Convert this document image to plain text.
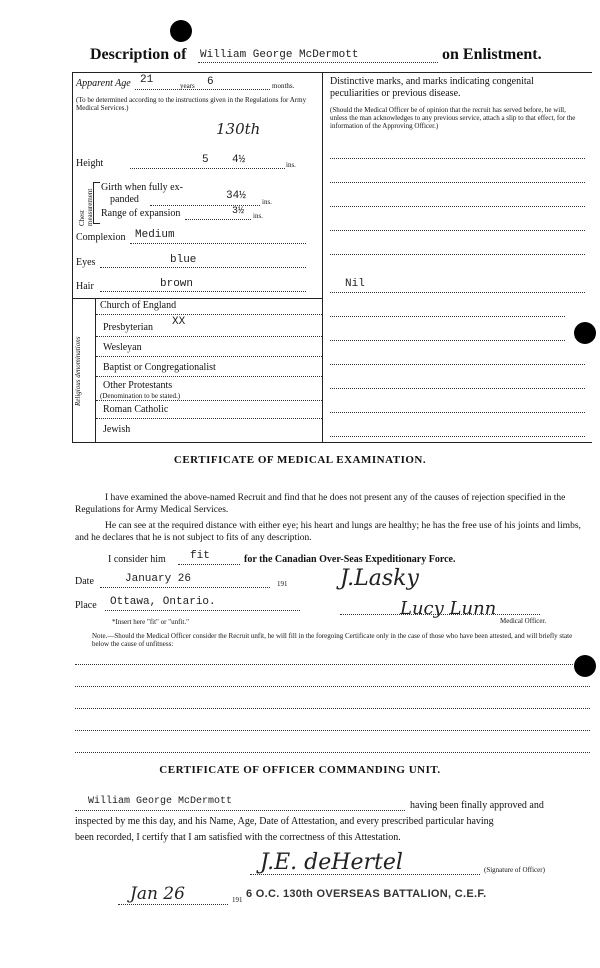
Description of William George McDermott	on Enlistment.
Apparent Age 21	years 6	months.
(To be determined according to the instructions given in the Regulations for Army Medical Services.)
130th
Height	5 4½	ins.
Chest measurement
Girth when fully ex-
panded	34½ ins.
Range of expansion	3½ ins.
Complexion Medium
Eyes	blue
Hair	brown
Religious denominations
Church of England
Presbyterian XX
Wesleyan
Baptist or Congregationalist
Other Protestants
(Denomination to be stated.)
Roman Catholic
Jewish
Distinctive marks, and marks indicating congenital peculiarities or previous disease.
(Should the Medical Officer be of opinion that the recruit has served before, he will, unless the man acknowledges to any previous service, attach a slip to that effect, for the information of the Approving Officer.)
Nil
CERTIFICATE OF MEDICAL EXAMINATION.
I have examined the above-named Recruit and find that he does not present any of the causes of rejection specified in the Regulations for Army Medical Services.
He can see at the required distance with either eye; his heart and lungs are healthy; he has the free use of his joints and limbs, and he declares that he is not subject to fits of any description.
I consider him fit	for the Canadian Over-Seas Expeditionary Force.
Date	January 26	191
Place Ottawa, Ontario.
*Insert here "fit" or "unfit."
J.Lasky
Lucy Lunn
Medical Officer.
Note.—Should the Medical Officer consider the Recruit unfit, he will fill in the foregoing Certificate only in the case of those who have been attested, and will briefly state below the cause of unfitness:
CERTIFICATE OF OFFICER COMMANDING UNIT.
William George McDermott	having been finally approved and
inspected by me this day, and his Name, Age, Date of Attestation, and every prescribed particular having
been recorded, I certify that I am satisfied with the correctness of this Attestation.
J.E. deHertel	(Signature of Officer)
Jan 26	191 6 O.C. 130th OVERSEAS BATTALION, C.E.F.
